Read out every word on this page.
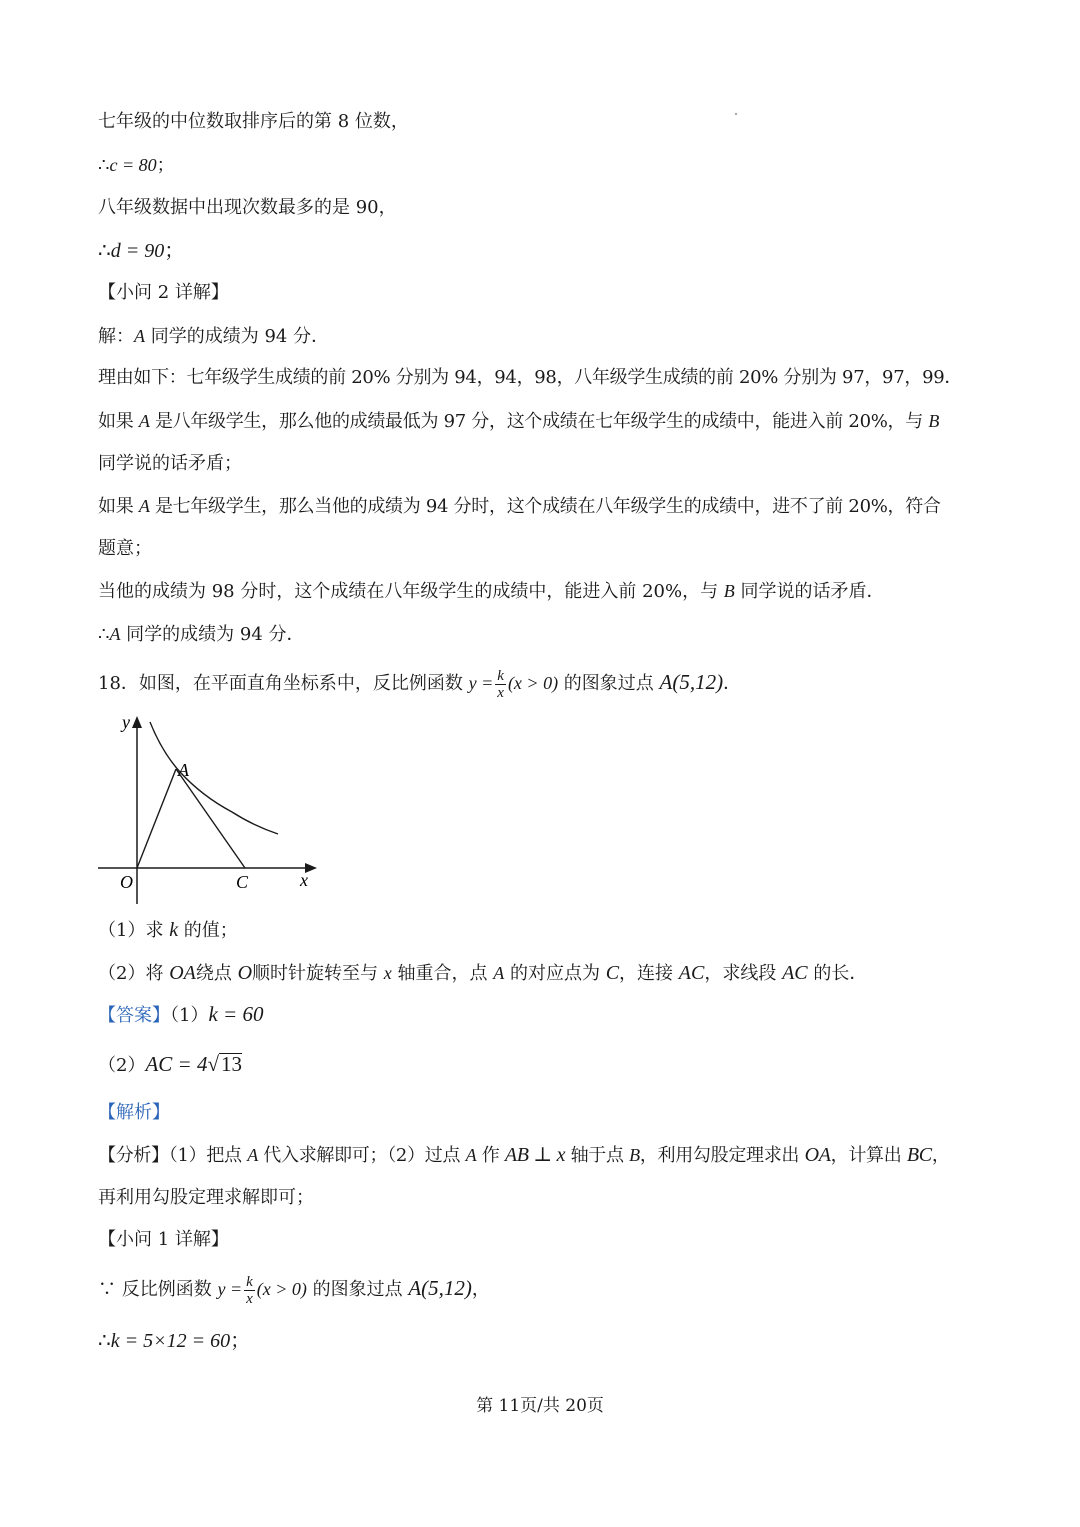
七年级的中位数取排序后的第 8 位数，
∴c = 80；
八年级数据中出现次数最多的是 90，
∴d = 90；
【小问 2 详解】
解：A 同学的成绩为 94 分．
理由如下：七年级学生成绩的前 20% 分别为 94，94，98，八年级学生成绩的前 20% 分别为 97，97，99．
如果 A 是八年级学生，那么他的成绩最低为 97 分，这个成绩在七年级学生的成绩中，能进入前 20%，与 B
同学说的话矛盾；
如果 A 是七年级学生，那么当他的成绩为 94 分时，这个成绩在八年级学生的成绩中，进不了前 20%，符合
题意；
当他的成绩为 98 分时，这个成绩在八年级学生的成绩中，能进入前 20%，与 B 同学说的话矛盾．
∴A 同学的成绩为 94 分．
18．如图，在平面直角坐标系中，反比例函数 $y = \frac{k}{x} (x > 0)$ 的图象过点 A(5,12)．
y
x
O
A
C
（1）求 k 的值；
（2）将 OA绕点 O顺时针旋转至与 x 轴重合，点 A 的对应点为 C，连接 AC，求线段 AC 的长．
【答案】（1）k = 60
（2）AC = 4√13
【解析】
【分析】（1）把点 A 代入求解即可；（2）过点 A 作 AB ⊥ x 轴于点 B，利用勾股定理求出 OA，计算出 BC，
再利用勾股定理求解即可；
【小问 1 详解】
∵ 反比例函数 $y = \frac{k}{x} (x > 0)$ 的图象过点 A(5,12)，
∴k = 5×12 = 60；
第 11页/共 20页
